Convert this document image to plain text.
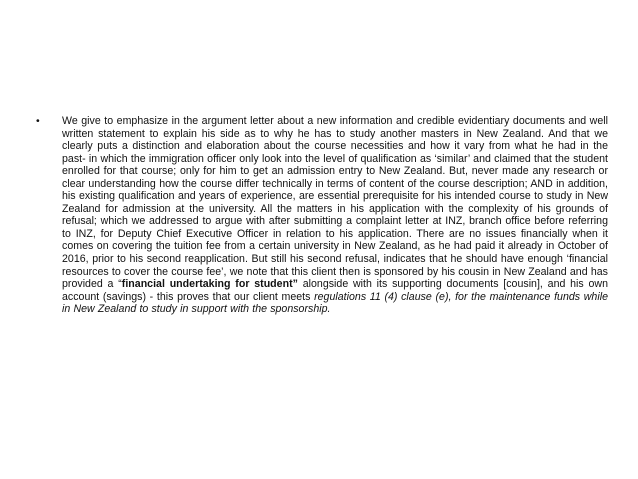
•	We give to emphasize in the argument letter about a new information and credible evidentiary documents and well written statement to explain his side as to why he has to study another masters in New Zealand. And that we clearly puts a distinction and elaboration about the course necessities and how it vary from what he had in the past- in which the immigration officer only look into the level of qualification as ‘similar’ and claimed that the student enrolled for that course; only for him to get an admission entry to New Zealand. But, never made any research or clear understanding how the course differ technically in terms of content of the course description; AND in addition, his existing qualification and years of experience, are essential prerequisite for his intended course to study in New Zealand for admission at the university. All the matters in his application with the complexity of his grounds of refusal; which we addressed to argue with after submitting a complaint letter at INZ, branch office before referring to INZ, for Deputy Chief Executive Officer in relation to his application. There are no issues financially when it comes on covering the tuition fee from a certain university in New Zealand, as he had paid it already in October of 2016, prior to his second reapplication. But still his second refusal, indicates that he should have enough ‘financial resources to cover the course fee’, we note that this client then is sponsored by his cousin in New Zealand and has provided a “financial undertaking for student” alongside with its supporting documents [cousin], and his own account (savings) - this proves that our client meets regulations 11 (4) clause (e), for the maintenance funds while in New Zealand to study in support with the sponsorship.
